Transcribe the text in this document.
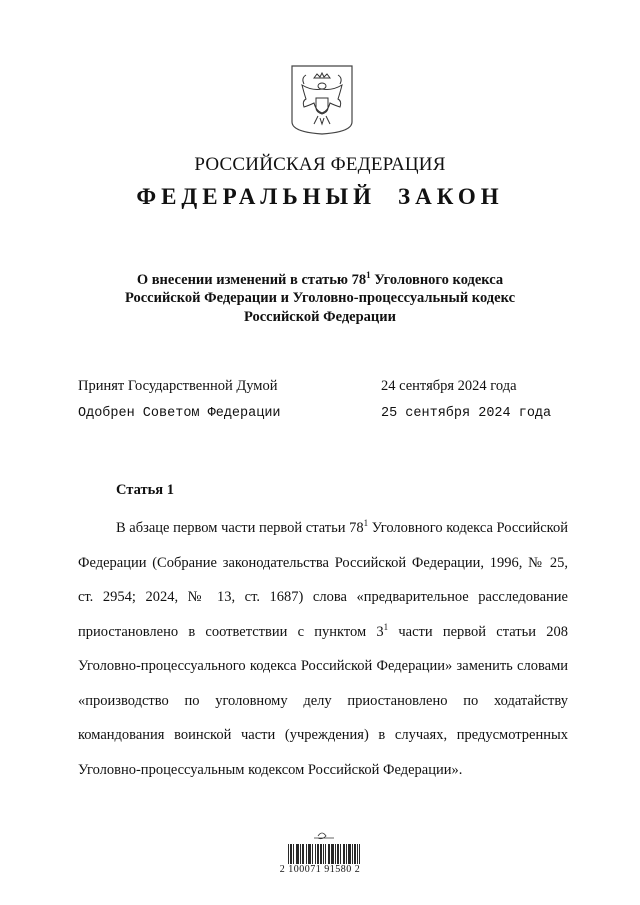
РОССИЙСКАЯ ФЕДЕРАЦИЯ
ФЕДЕРАЛЬНЫЙ ЗАКОН
О внесении изменений в статью $78^1$ Уголовного кодекса
Российской Федерации и Уголовно-процессуальный кодекс
Российской Федерации
Принят Государственной Думой	24 сентября 2024 года
Одобрен Советом Федерации	25 сентября 2024 года
Статья 1

В абзаце первом части первой статьи $78^1$ Уголовного кодекса Российской Федерации (Собрание законодательства Российской Федерации, 1996, № 25, ст. 2954; 2024, № 13, ст. 1687) слова «предварительное расследование приостановлено в соответствии с пунктом $3^1$ части первой статьи 208 Уголовно-процессуального кодекса Российской Федерации» заменить словами «производство по уголовному делу приостановлено по ходатайству командования воинской части (учреждения) в случаях, предусмотренных Уголовно-процессуальным кодексом Российской Федерации».

2 100071 91580 2
